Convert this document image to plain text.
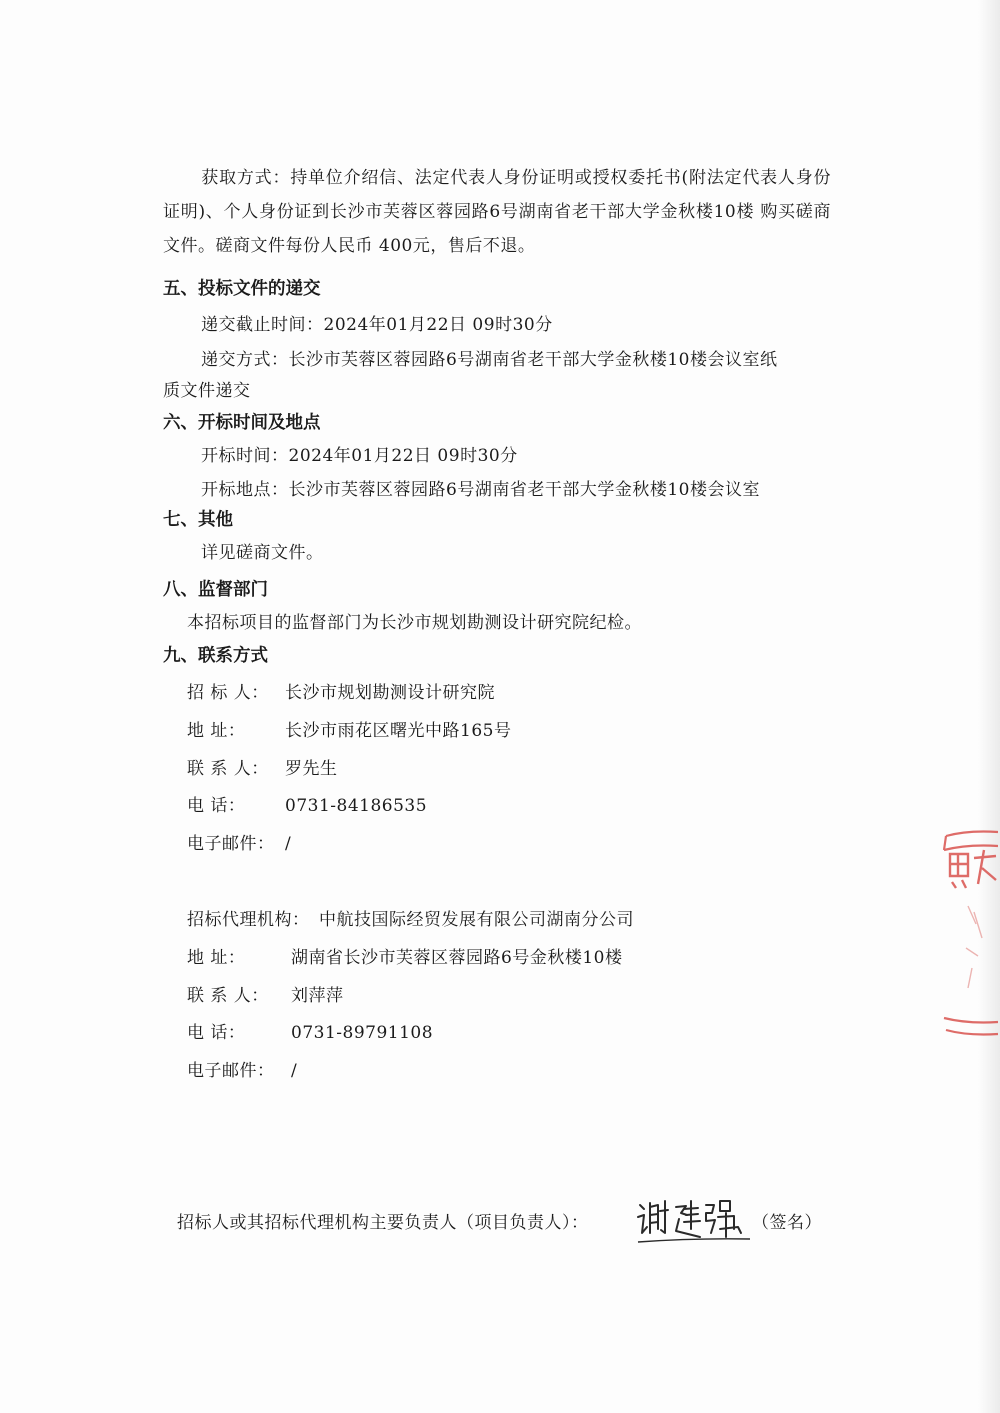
获取方式：持单位介绍信、法定代表人身份证明或授权委托书(附法定代表人身份证明)、个人身份证到长沙市芙蓉区蓉园路6号湖南省老干部大学金秋楼10楼 购买磋商文件。磋商文件每份人民币 400元，售后不退。
五、投标文件的递交
递交截止时间：2024年01月22日 09时30分
递交方式：长沙市芙蓉区蓉园路6号湖南省老干部大学金秋楼10楼会议室纸
质文件递交
六、开标时间及地点
开标时间：2024年01月22日 09时30分
开标地点：长沙市芙蓉区蓉园路6号湖南省老干部大学金秋楼10楼会议室
七、其他
详见磋商文件。
八、监督部门
本招标项目的监督部门为长沙市规划勘测设计研究院纪检。
九、联系方式
招 标 人： 长沙市规划勘测设计研究院
地 址： 长沙市雨花区曙光中路165号
联 系 人： 罗先生
电 话： 0731-84186535
电子邮件： /
招标代理机构： 中航技国际经贸发展有限公司湖南分公司
地 址：	湖南省长沙市芙蓉区蓉园路6号金秋楼10楼
联 系 人： 刘萍萍
电 话：	0731-89791108
电子邮件： /
招标人或其招标代理机构主要负责人（项目负责人）：	（签名）
